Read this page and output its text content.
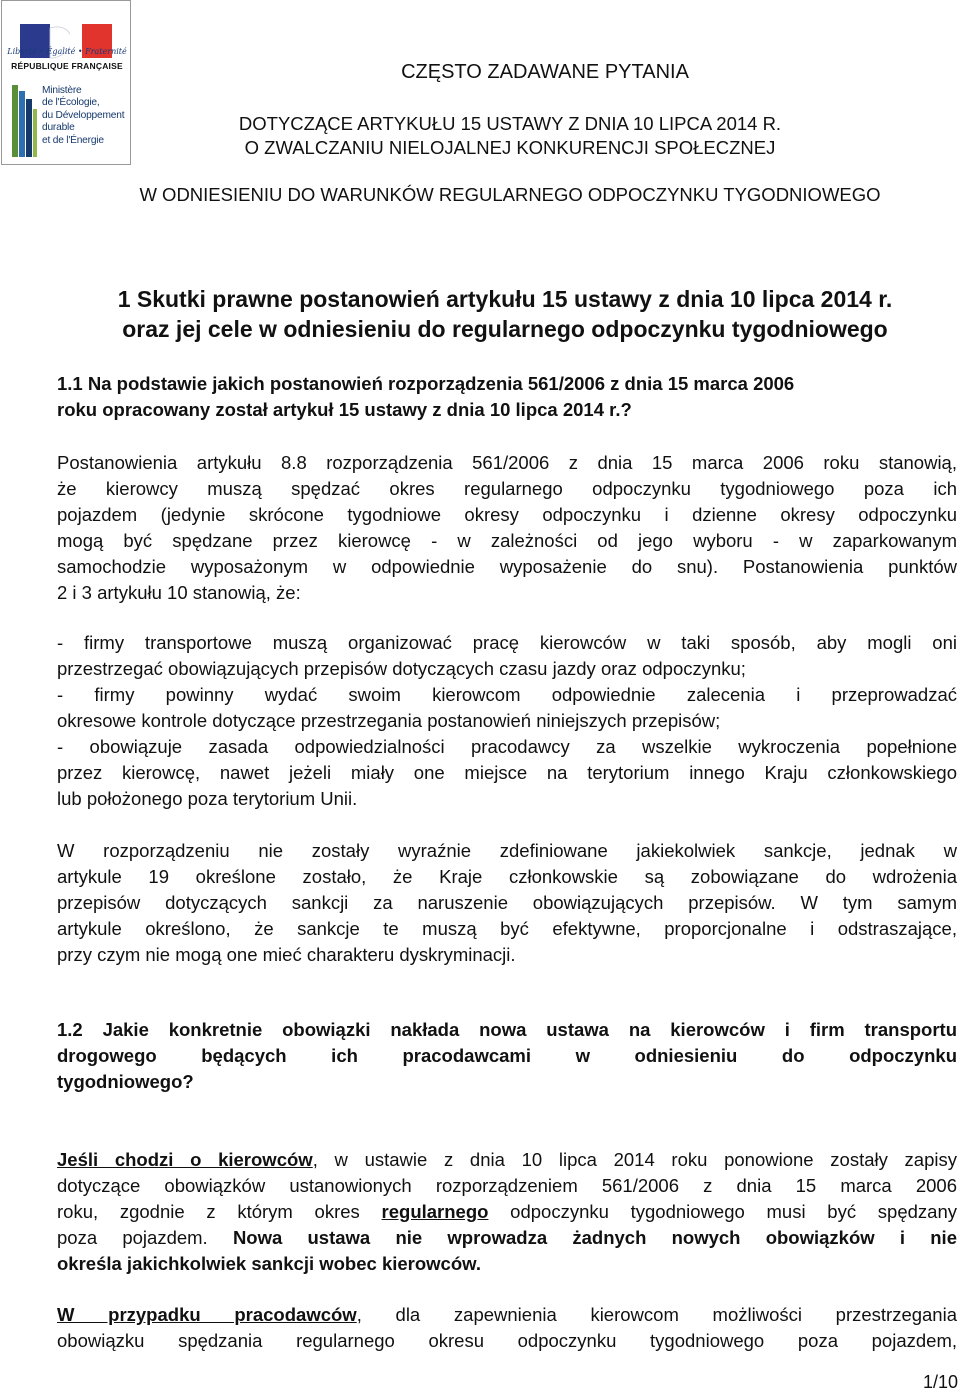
Liberté • Égalité • Fraternité
RÉPUBLIQUE FRANÇAISE
Ministère
de l'Écologie,
du Développement
durable
et de l'Énergie
CZĘSTO ZADAWANE PYTANIA
DOTYCZĄCE ARTYKUŁU 15 USTAWY Z DNIA 10 LIPCA 2014 R.
O ZWALCZANIU NIELOJALNEJ KONKURENCJI SPOŁECZNEJ
W ODNIESIENIU DO WARUNKÓW REGULARNEGO ODPOCZYNKU TYGODNIOWEGO
1 Skutki prawne postanowień artykułu 15 ustawy z dnia 10 lipca 2014 r.
oraz jej cele w odniesieniu do regularnego odpoczynku tygodniowego
1.1 Na podstawie jakich postanowień rozporządzenia 561/2006 z dnia 15 marca 2006
roku opracowany został artykuł 15 ustawy z dnia 10 lipca 2014 r.?
Postanowienia artykułu 8.8 rozporządzenia 561/2006 z dnia 15 marca 2006 roku stanowią,
że kierowcy muszą spędzać okres regularnego odpoczynku tygodniowego poza ich
pojazdem (jedynie skrócone tygodniowe okresy odpoczynku i dzienne okresy odpoczynku
mogą być spędzane przez kierowcę - w zależności od jego wyboru - w zaparkowanym
samochodzie wyposażonym w odpowiednie wyposażenie do snu). Postanowienia punktów
2 i 3 artykułu 10 stanowią, że:
- firmy transportowe muszą organizować pracę kierowców w taki sposób, aby mogli oni
przestrzegać obowiązujących przepisów dotyczących czasu jazdy oraz odpoczynku;
- firmy powinny wydać swoim kierowcom odpowiednie zalecenia i przeprowadzać
okresowe kontrole dotyczące przestrzegania postanowień niniejszych przepisów;
- obowiązuje zasada odpowiedzialności pracodawcy za wszelkie wykroczenia popełnione
przez kierowcę, nawet jeżeli miały one miejsce na terytorium innego Kraju członkowskiego
lub położonego poza terytorium Unii.
W rozporządzeniu nie zostały wyraźnie zdefiniowane jakiekolwiek sankcje, jednak w
artykule 19 określone zostało, że Kraje członkowskie są zobowiązane do wdrożenia
przepisów dotyczących sankcji za naruszenie obowiązujących przepisów. W tym samym
artykule określono, że sankcje te muszą być efektywne, proporcjonalne i odstraszające,
przy czym nie mogą one mieć charakteru dyskryminacji.
1.2 Jakie konkretnie obowiązki nakłada nowa ustawa na kierowców i firm transportu
drogowego będących ich pracodawcami w odniesieniu do odpoczynku
tygodniowego?
Jeśli chodzi o kierowców, w ustawie z dnia 10 lipca 2014 roku ponowione zostały zapisy
dotyczące obowiązków ustanowionych rozporządzeniem 561/2006 z dnia 15 marca 2006
roku, zgodnie z którym okres regularnego odpoczynku tygodniowego musi być spędzany
poza pojazdem. Nowa ustawa nie wprowadza żadnych nowych obowiązków i nie
określa jakichkolwiek sankcji wobec kierowców.
W przypadku pracodawców, dla zapewnienia kierowcom możliwości przestrzegania
obowiązku spędzania regularnego okresu odpoczynku tygodniowego poza pojazdem,
1/10
